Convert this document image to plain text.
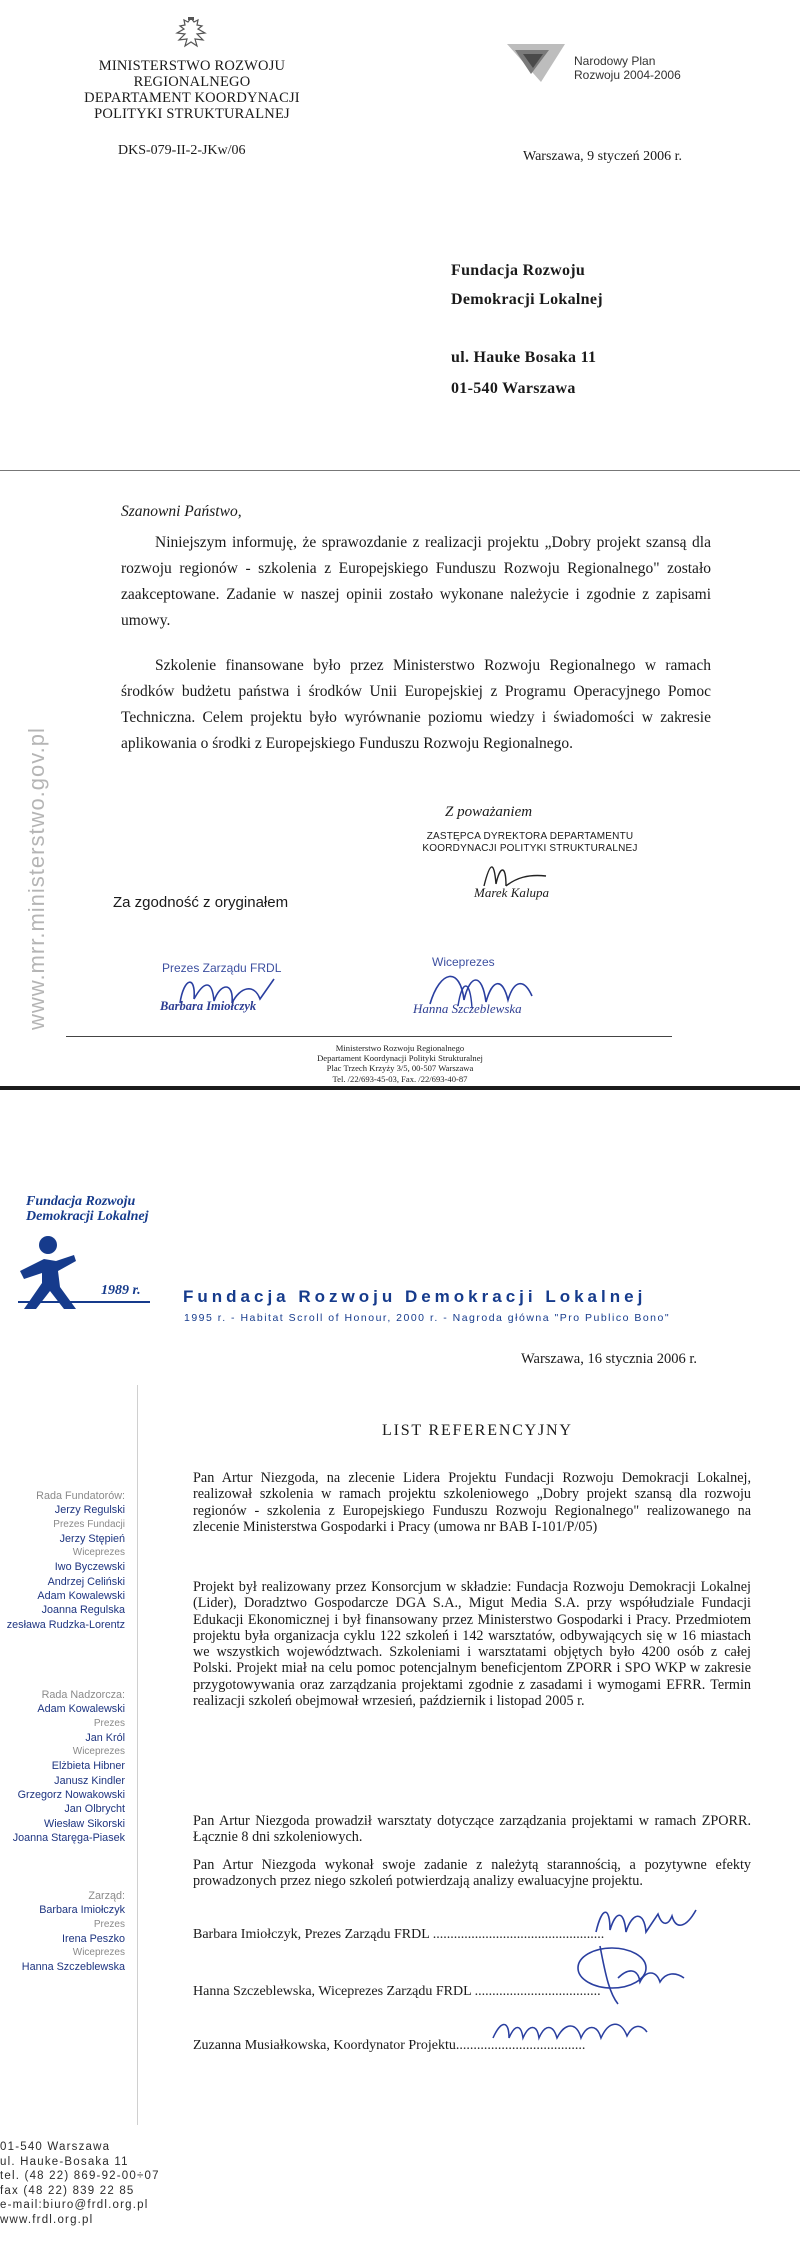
MINISTERSTWO ROZWOJU
REGIONALNEGO
DEPARTAMENT KOORDYNACJI
POLITYKI STRUKTURALNEJ
DKS-079-II-2-JKw/06
Narodowy Plan
Rozwoju 2004-2006
Warszawa, 9 styczeń 2006 r.
Fundacja Rozwoju
Demokracji Lokalnej
ul. Hauke Bosaka 11
01-540 Warszawa
Szanowni Państwo,
Niniejszym informuję, że sprawozdanie z realizacji projektu „Dobry projekt szansą dla rozwoju regionów - szkolenia z Europejskiego Funduszu Rozwoju Regionalnego" zostało zaakceptowane. Zadanie w naszej opinii zostało wykonane należycie i zgodnie z zapisami umowy.
Szkolenie finansowane było przez Ministerstwo Rozwoju Regionalnego w ramach środków budżetu państwa i środków Unii Europejskiej z Programu Operacyjnego Pomoc Techniczna. Celem projektu było wyrównanie poziomu wiedzy i świadomości w zakresie aplikowania o środki z Europejskiego Funduszu Rozwoju Regionalnego.
www.mrr.ministerstwo.gov.pl	Z poważaniem
ZASTĘPCA DYREKTORA DEPARTAMENTU
KOORDYNACJI POLITYKI STRUKTURALNEJ
Marek Kalupa
Za zgodność z oryginałem
Prezes Zarządu FRDL
Barbara Imiołczyk
Wiceprezes
Hanna Szczeblewska
Ministerstwo Rozwoju Regionalnego
Departament Koordynacji Polityki Strukturalnej
Plac Trzech Krzyży 3/5, 00-507 Warszawa
Tel. /22/693-45-03, Fax. /22/693-40-87
Fundacja Rozwoju
Demokracji Lokalnej
1989 r. Fundacja Rozwoju Demokracji Lokalnej
1995 r. - Habitat Scroll of Honour, 2000 r. - Nagroda główna "Pro Publico Bono"
Warszawa, 16 stycznia 2006 r.
Rada Fundatorów:
Jerzy Regulski
Prezes Fundacji
Jerzy Stępień
Wiceprezes
Iwo Byczewski
Andrzej Celiński
Adam Kowalewski
Joanna Regulska
zesława Rudzka-Lorentz
Rada Nadzorcza:
Adam Kowalewski
Prezes
Jan Król
Wiceprezes
Elżbieta Hibner
Janusz Kindler
Grzegorz Nowakowski
Jan Olbrycht
Wiesław Sikorski
Joanna Staręga-Piasek
Zarząd:
Barbara Imiołczyk
Prezes
Irena Peszko
Wiceprezes
Hanna Szczeblewska
LIST REFERENCYJNY
Pan Artur Niezgoda, na zlecenie Lidera Projektu Fundacji Rozwoju Demokracji Lokalnej, realizował szkolenia w ramach projektu szkoleniowego „Dobry projekt szansą dla rozwoju regionów - szkolenia z Europejskiego Funduszu Rozwoju Regionalnego" realizowanego na zlecenie Ministerstwa Gospodarki i Pracy (umowa nr BAB I-101/P/05)
Projekt był realizowany przez Konsorcjum w składzie: Fundacja Rozwoju Demokracji Lokalnej (Lider), Doradztwo Gospodarcze DGA S.A., Migut Media S.A. przy współudziale Fundacji Edukacji Ekonomicznej i był finansowany przez Ministerstwo Gospodarki i Pracy. Przedmiotem projektu była organizacja cyklu 122 szkoleń i 142 warsztatów, odbywających się w 16 miastach we wszystkich województwach. Szkoleniami i warsztatami objętych było 4200 osób z całej Polski. Projekt miał na celu pomoc potencjalnym beneficjentom ZPORR i SPO WKP w zakresie przygotowywania oraz zarządzania projektami zgodnie z zasadami i wymogami EFRR. Termin realizacji szkoleń obejmował wrzesień, październik i listopad 2005 r.
Pan Artur Niezgoda prowadził warsztaty dotyczące zarządzania projektami w ramach ZPORR. Łącznie 8 dni szkoleniowych.
Pan Artur Niezgoda wykonał swoje zadanie z należytą starannością, a pozytywne efekty prowadzonych przez niego szkoleń potwierdzają analizy ewaluacyjne projektu.
Barbara Imiołczyk, Prezes Zarządu FRDL .................................................
Hanna Szczeblewska, Wiceprezes Zarządu FRDL ....................................
Zuzanna Musiałkowska, Koordynator Projektu.....................................
01-540 Warszawa
ul. Hauke-Bosaka 11
tel. (48 22) 869-92-00÷07
fax (48 22) 839 22 85
e-mail:biuro@frdl.org.pl
www.frdl.org.pl
